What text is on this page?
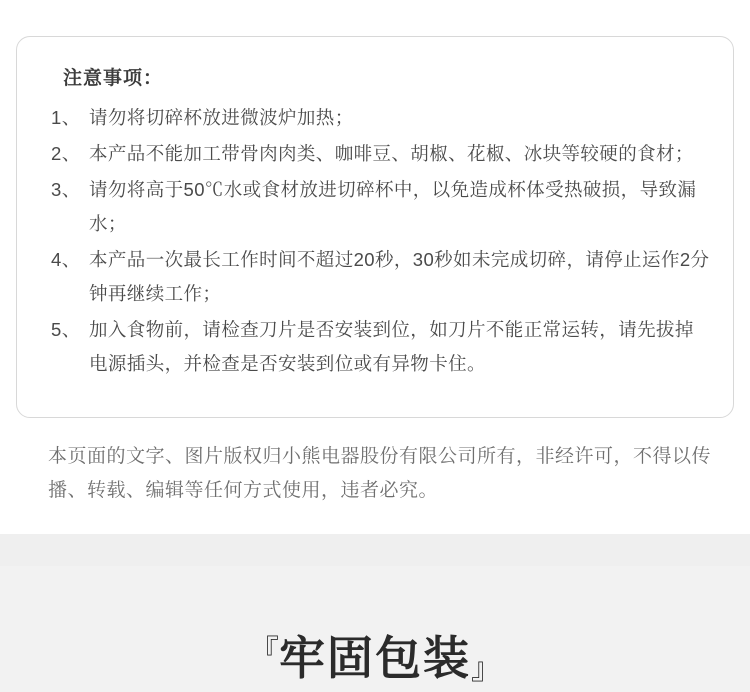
注意事项：
1、 请勿将切碎杯放进微波炉加热；
2、 本产品不能加工带骨肉肉类、咖啡豆、胡椒、花椒、冰块等较硬的食材；
3、 请勿将高于50℃水或食材放进切碎杯中，以免造成杯体受热破损，导致漏水；
4、 本产品一次最长工作时间不超过20秒，30秒如未完成切碎，请停止运作2分钟再继续工作；
5、 加入食物前，请检查刀片是否安装到位，如刀片不能正常运转，请先拔掉电源插头，并检查是否安装到位或有异物卡住。
本页面的文字、图片版权归小熊电器股份有限公司所有，非经许可，不得以传播、转载、编辑等任何方式使用，违者必究。
『牢固包装』
